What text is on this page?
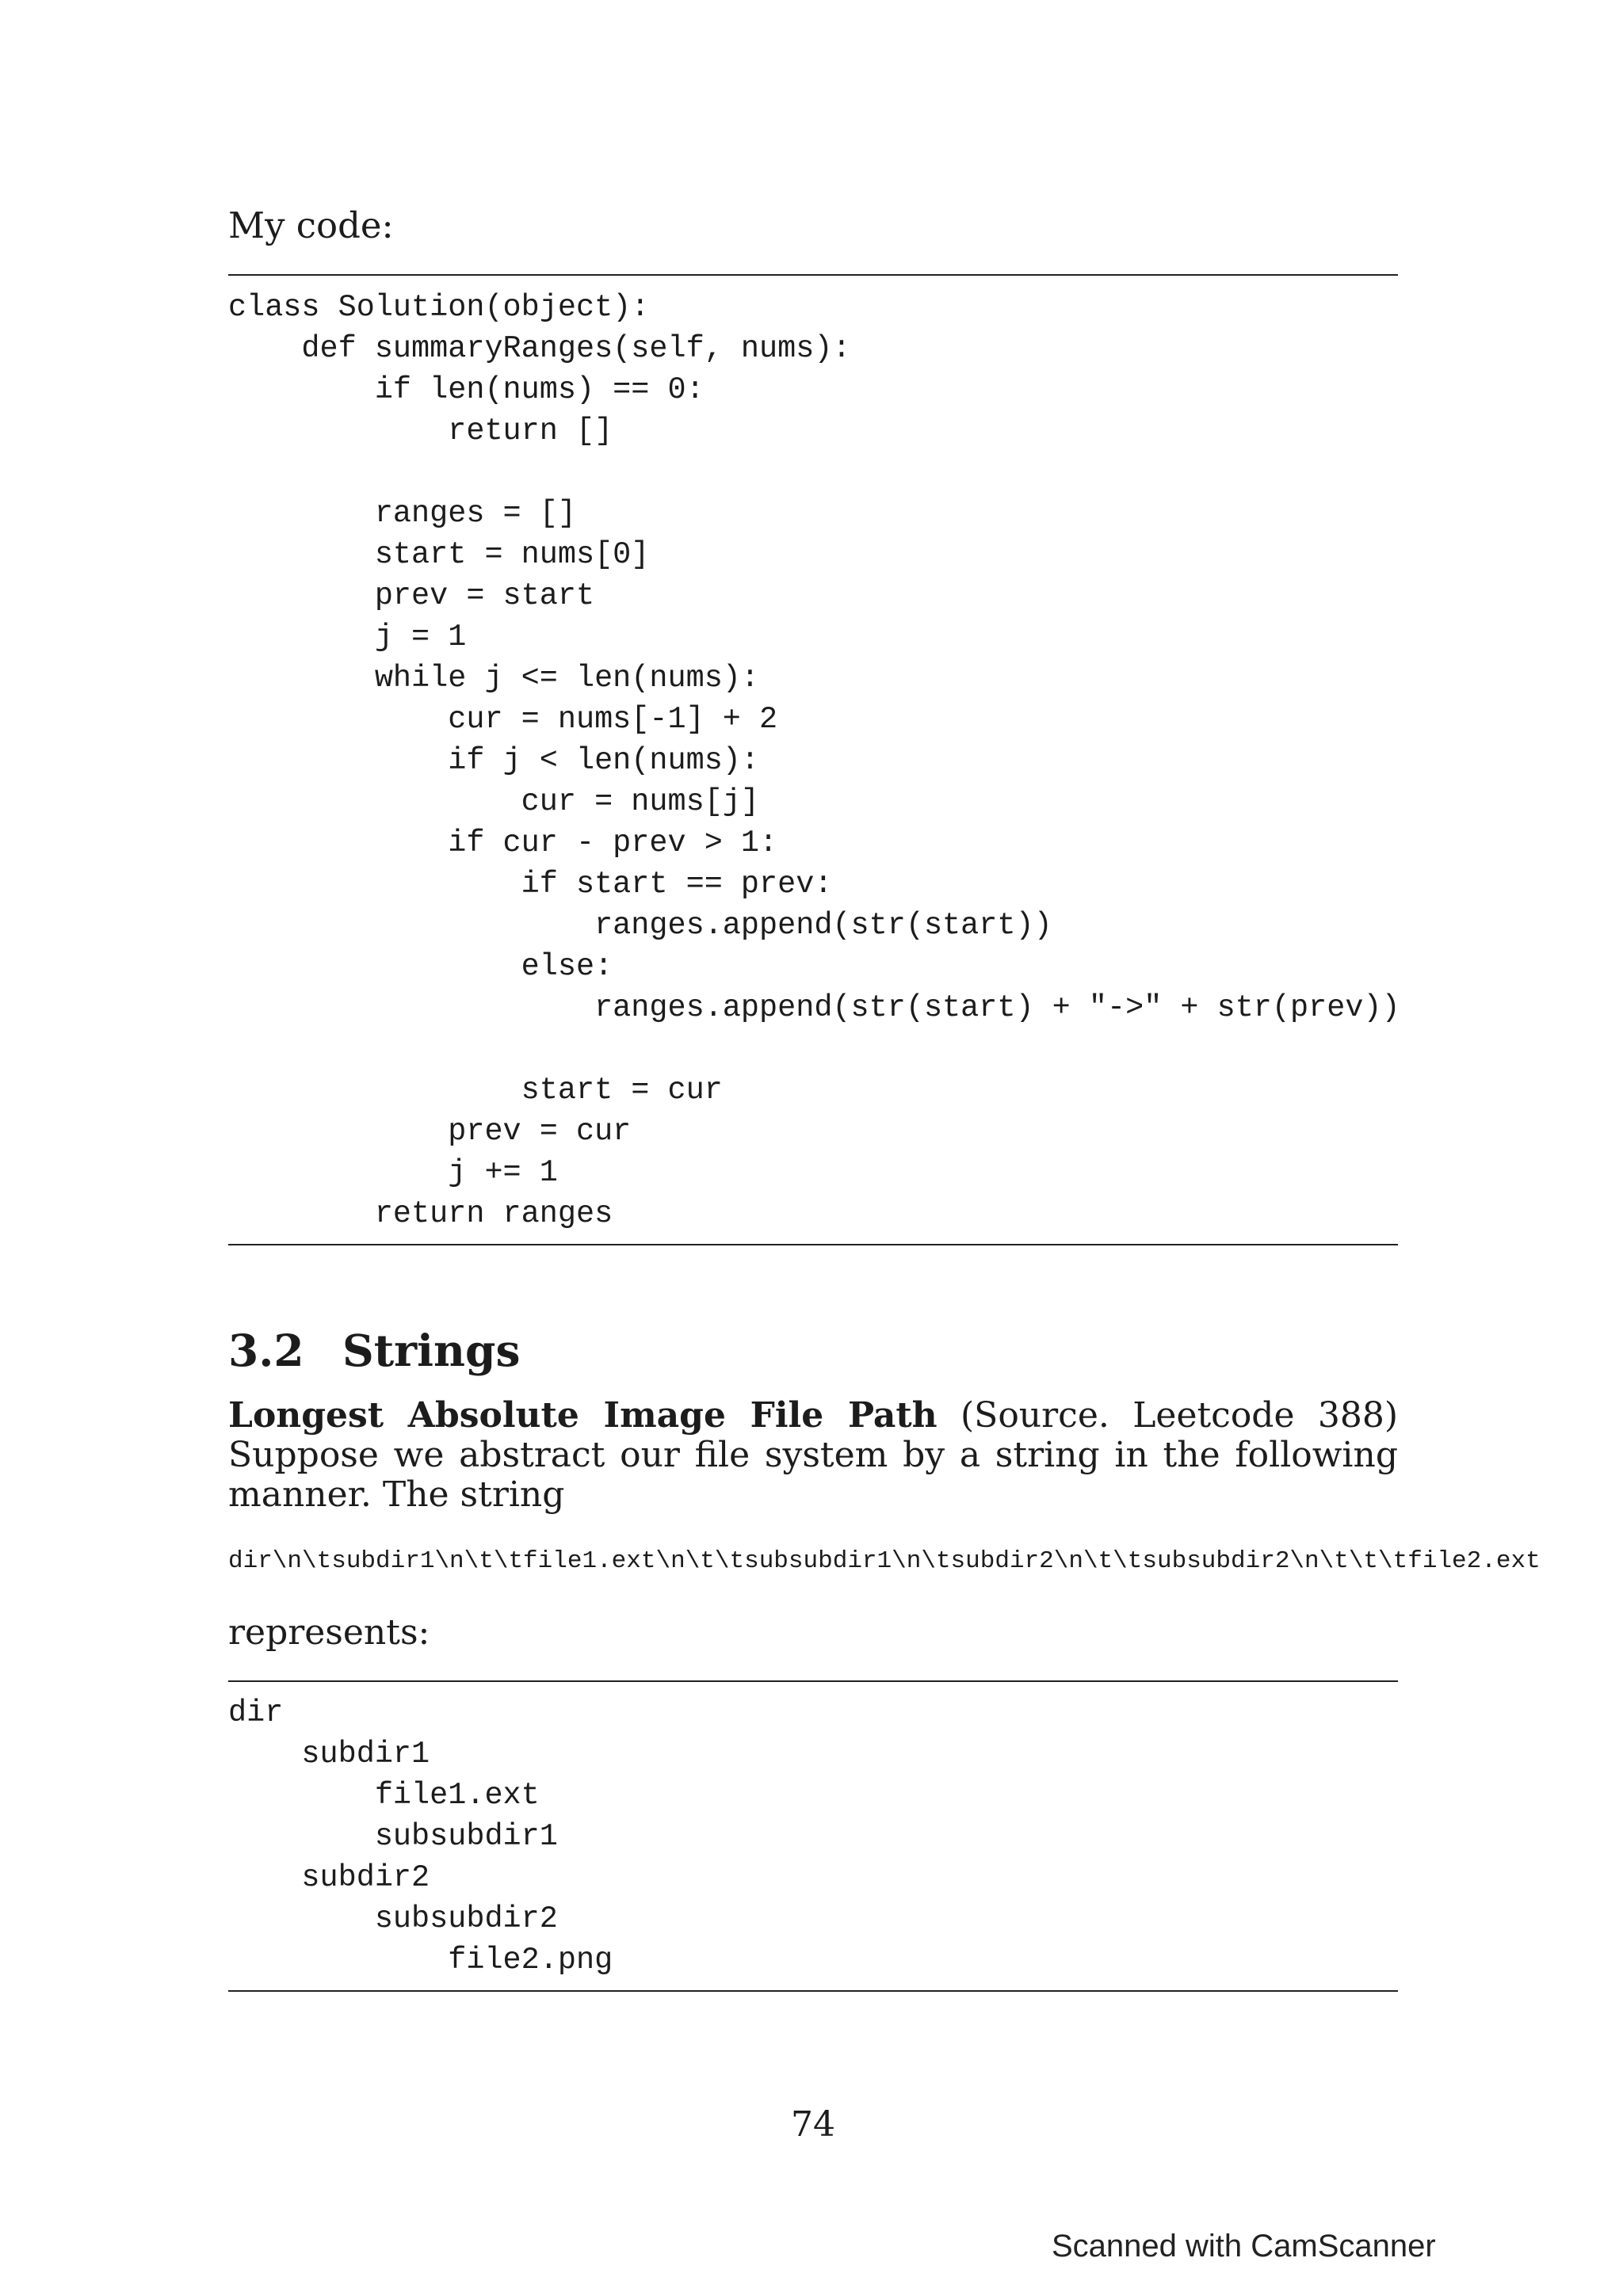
My code:

class Solution(object):
def summaryRanges(self, nums):
if len(nums) == 0:
return []
ranges = []
start = nums[0]
prev = start
j = 1
while j <= len(nums):
cur = nums[-1] + 2
if j < len(nums):
cur = nums[j]
if cur - prev > 1:
if start == prev:
ranges.append(str(start))
else:
ranges.append(str(start) + "->" + str(prev))
start = cur
prev = cur
j += 1
return ranges
3.2 Strings

Longest Absolute Image File Path (Source. Leetcode 388) Suppose we abstract our file system by a string in the following manner. The string

dir\n\tsubdir1\n\t\tfile1.ext\n\t\tsubsubdir1\n\tsubdir2\n\t\tsubsubdir2\n\t\t\tfile2.ext

represents:

dir
subdir1
file1.ext
subsubdir1
subdir2
subsubdir2
file2.png

74

Scanned with CamScanner
